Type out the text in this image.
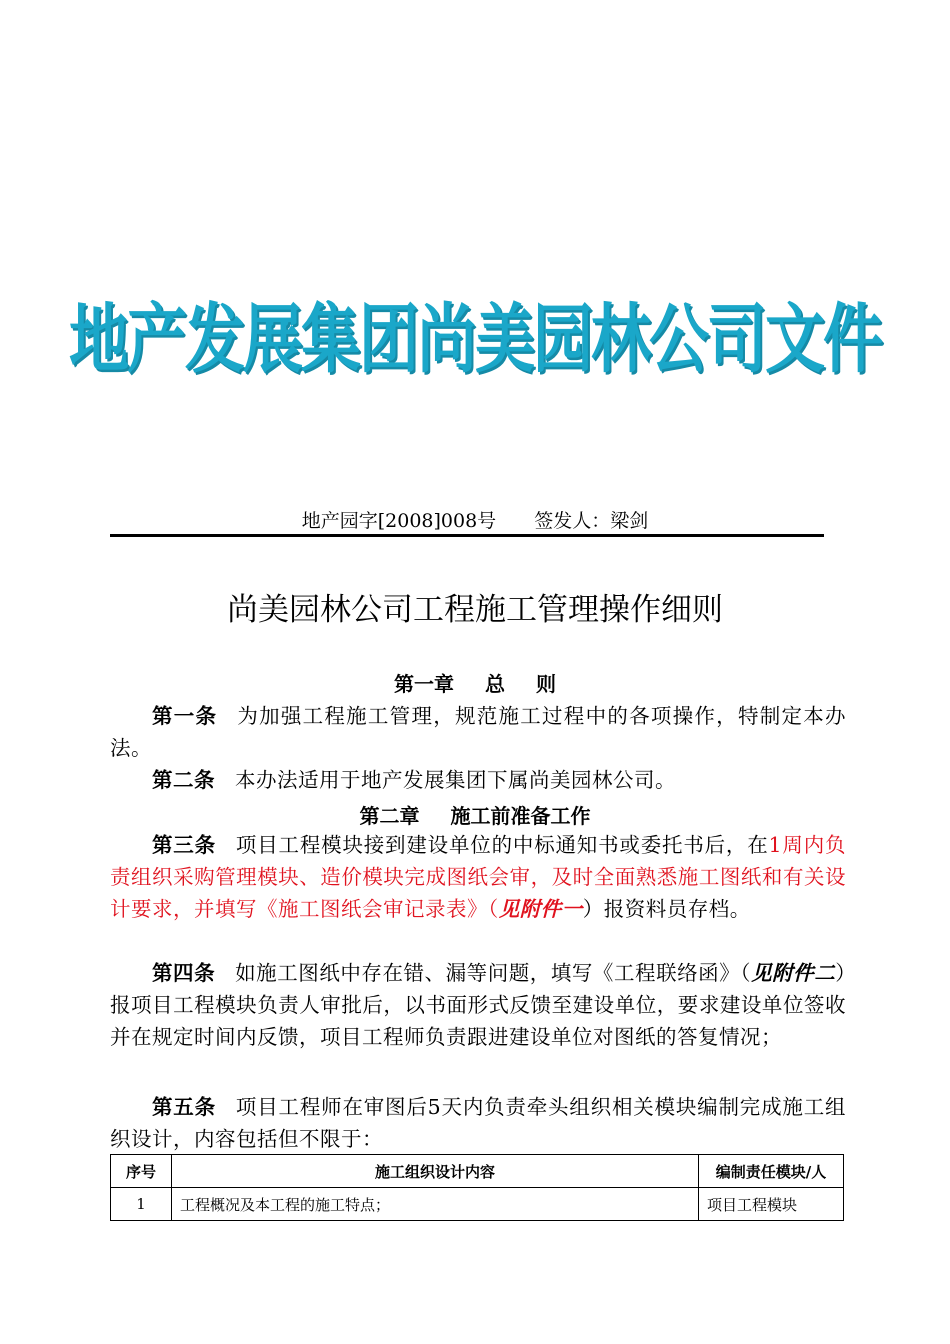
地产发展集团尚美园林公司文件
地产园字[2008]008号 签发人：梁剑
尚美园林公司工程施工管理操作细则
第一章 总 则
第一条 为加强工程施工管理，规范施工过程中的各项操作，特制定本办法。
第二条 本办法适用于地产发展集团下属尚美园林公司。
第二章 施工前准备工作
第三条 项目工程模块接到建设单位的中标通知书或委托书后，在1周内负责组织采购管理模块、造价模块完成图纸会审，及时全面熟悉施工图纸和有关设计要求，并填写《施工图纸会审记录表》（见附件一）报资料员存档。
第四条 如施工图纸中存在错、漏等问题，填写《工程联络函》（见附件二）报项目工程模块负责人审批后，以书面形式反馈至建设单位，要求建设单位签收并在规定时间内反馈，项目工程师负责跟进建设单位对图纸的答复情况；
第五条 项目工程师在审图后5天内负责牵头组织相关模块编制完成施工组织设计，内容包括但不限于：
序号	施工组织设计内容	编制责任模块/人
1	工程概况及本工程的施工特点；	项目工程模块
